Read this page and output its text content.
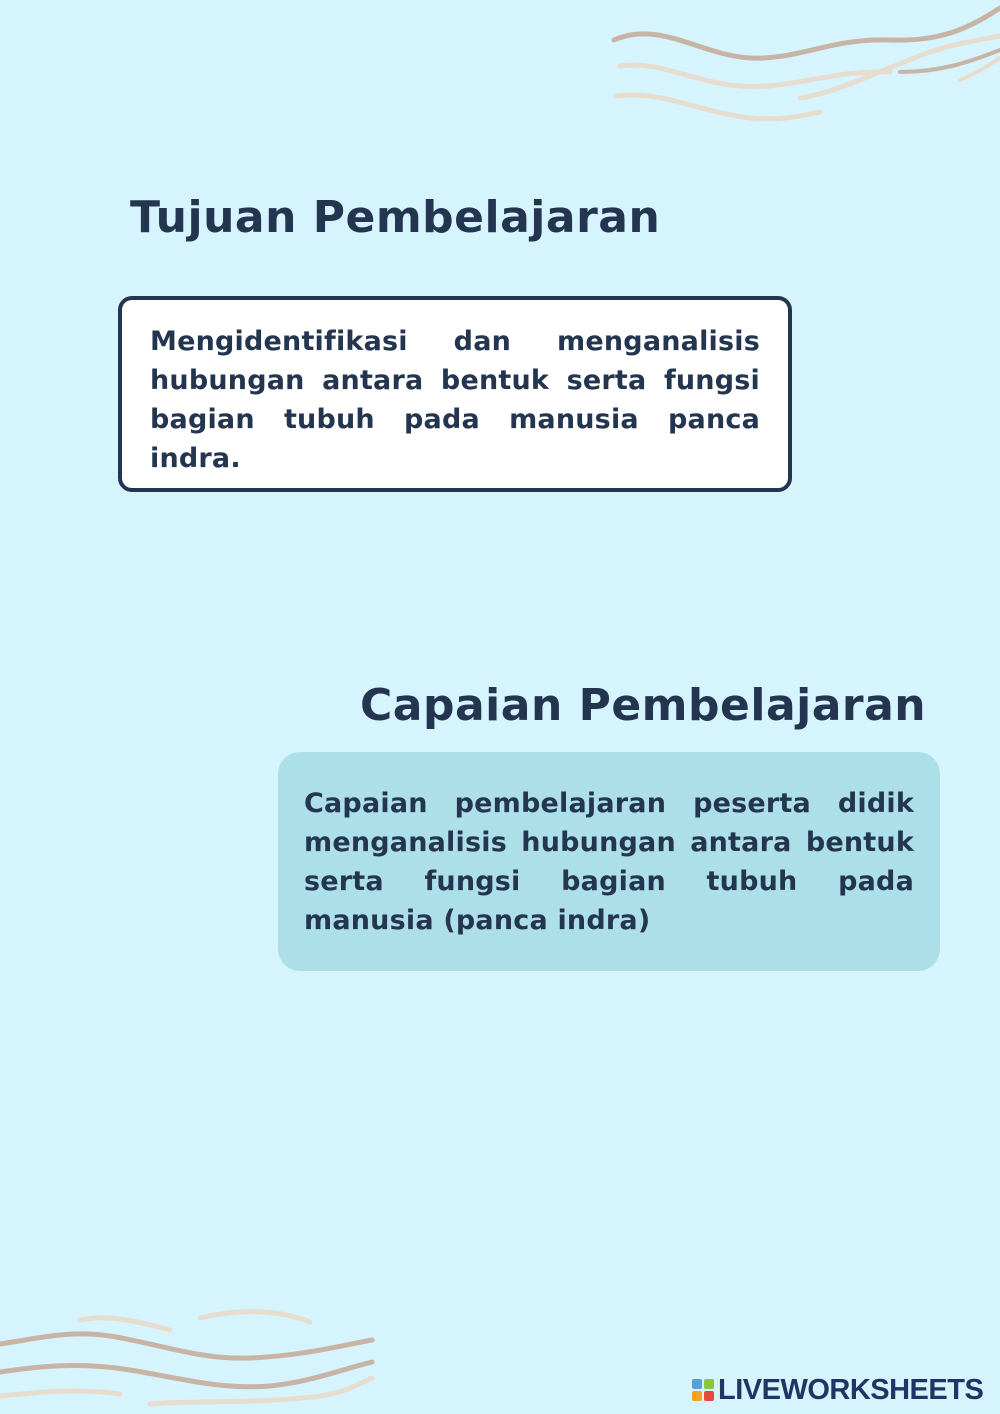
Tujuan Pembelajaran

Mengidentifikasi dan menganalisis hubungan antara bentuk serta fungsi bagian tubuh pada manusia panca indra.

Capaian Pembelajaran

Capaian pembelajaran peserta didik menganalisis hubungan antara bentuk serta fungsi bagian tubuh pada manusia (panca indra)

LIVEWORKSHEETS
